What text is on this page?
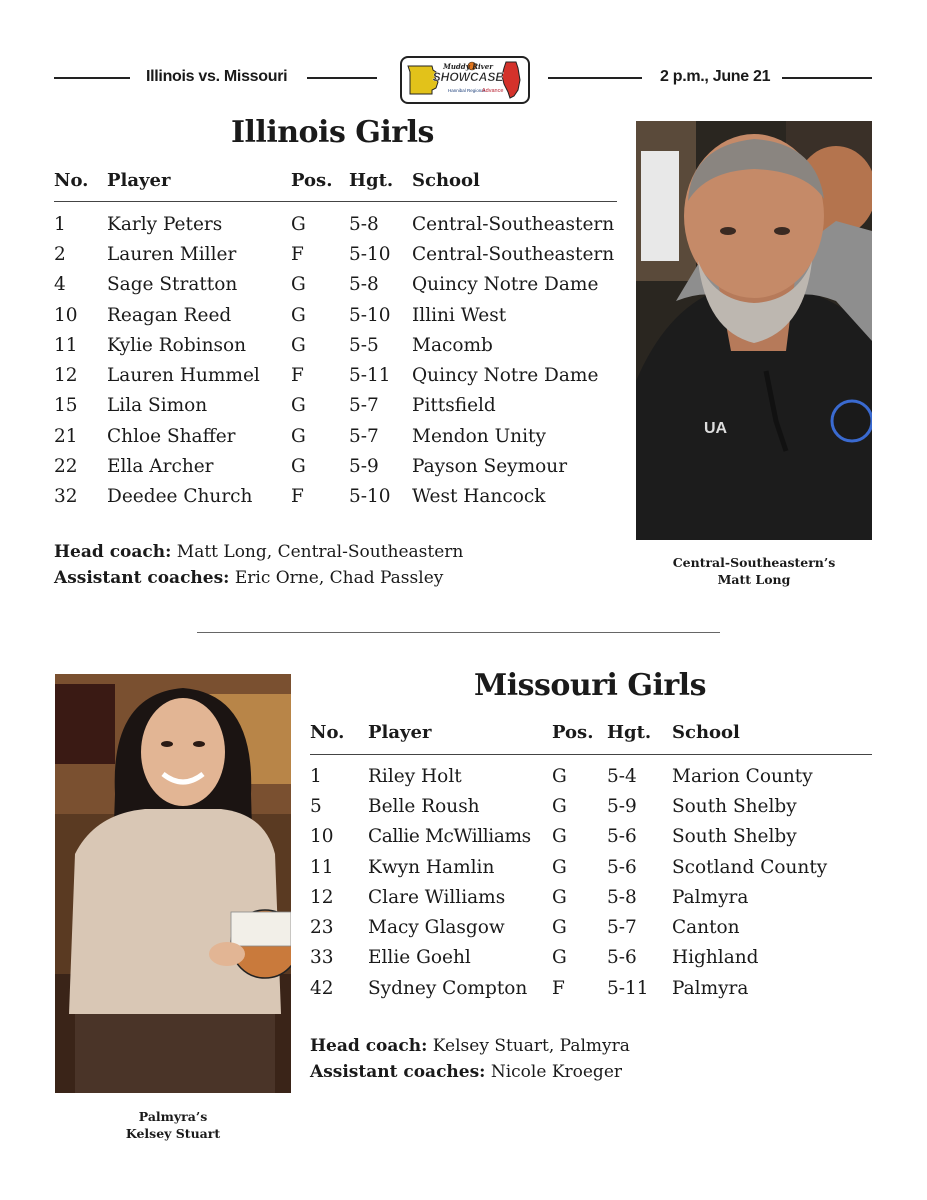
Illinois vs. Missouri
Muddy River
SHOWCASE
Hannibal Regional
Advance
2 p.m., June 21
Illinois Girls
No. Player	Pos. Hgt. School
1 Karly Peters	G 5-8 Central-Southeastern
2 Lauren Miller	F 5-10 Central-Southeastern
4 Sage Stratton	G 5-8 Quincy Notre Dame
10 Reagan Reed	G 5-10 Illini West
11 Kylie Robinson G 5-5 Macomb
12 Lauren Hummel F 5-11 Quincy Notre Dame
15 Lila Simon	G 5-7 Pittsfield
21 Chloe Shaffer	G 5-7 Mendon Unity
22 Ella Archer	G 5-9 Payson Seymour
32 Deedee Church F 5-10 West Hancock
Head coach: Matt Long, Central-Southeastern
Assistant coaches: Eric Orne, Chad Passley
UA
Central-Southeastern’s
Matt Long
Palmyra’s
Kelsey Stuart
Missouri Girls
No. Player	Pos. Hgt. School
1 Riley Holt	G 5-4 Marion County
5 Belle Roush	G 5-9 South Shelby
10 Callie McWilliams G 5-6 South Shelby
11 Kwyn Hamlin	G 5-6 Scotland County
12 Clare Williams	G 5-8 Palmyra
23 Macy Glasgow	G 5-7 Canton
33 Ellie Goehl	G 5-6 Highland
42 Sydney Compton F 5-11 Palmyra
Head coach: Kelsey Stuart, Palmyra
Assistant coaches: Nicole Kroeger
